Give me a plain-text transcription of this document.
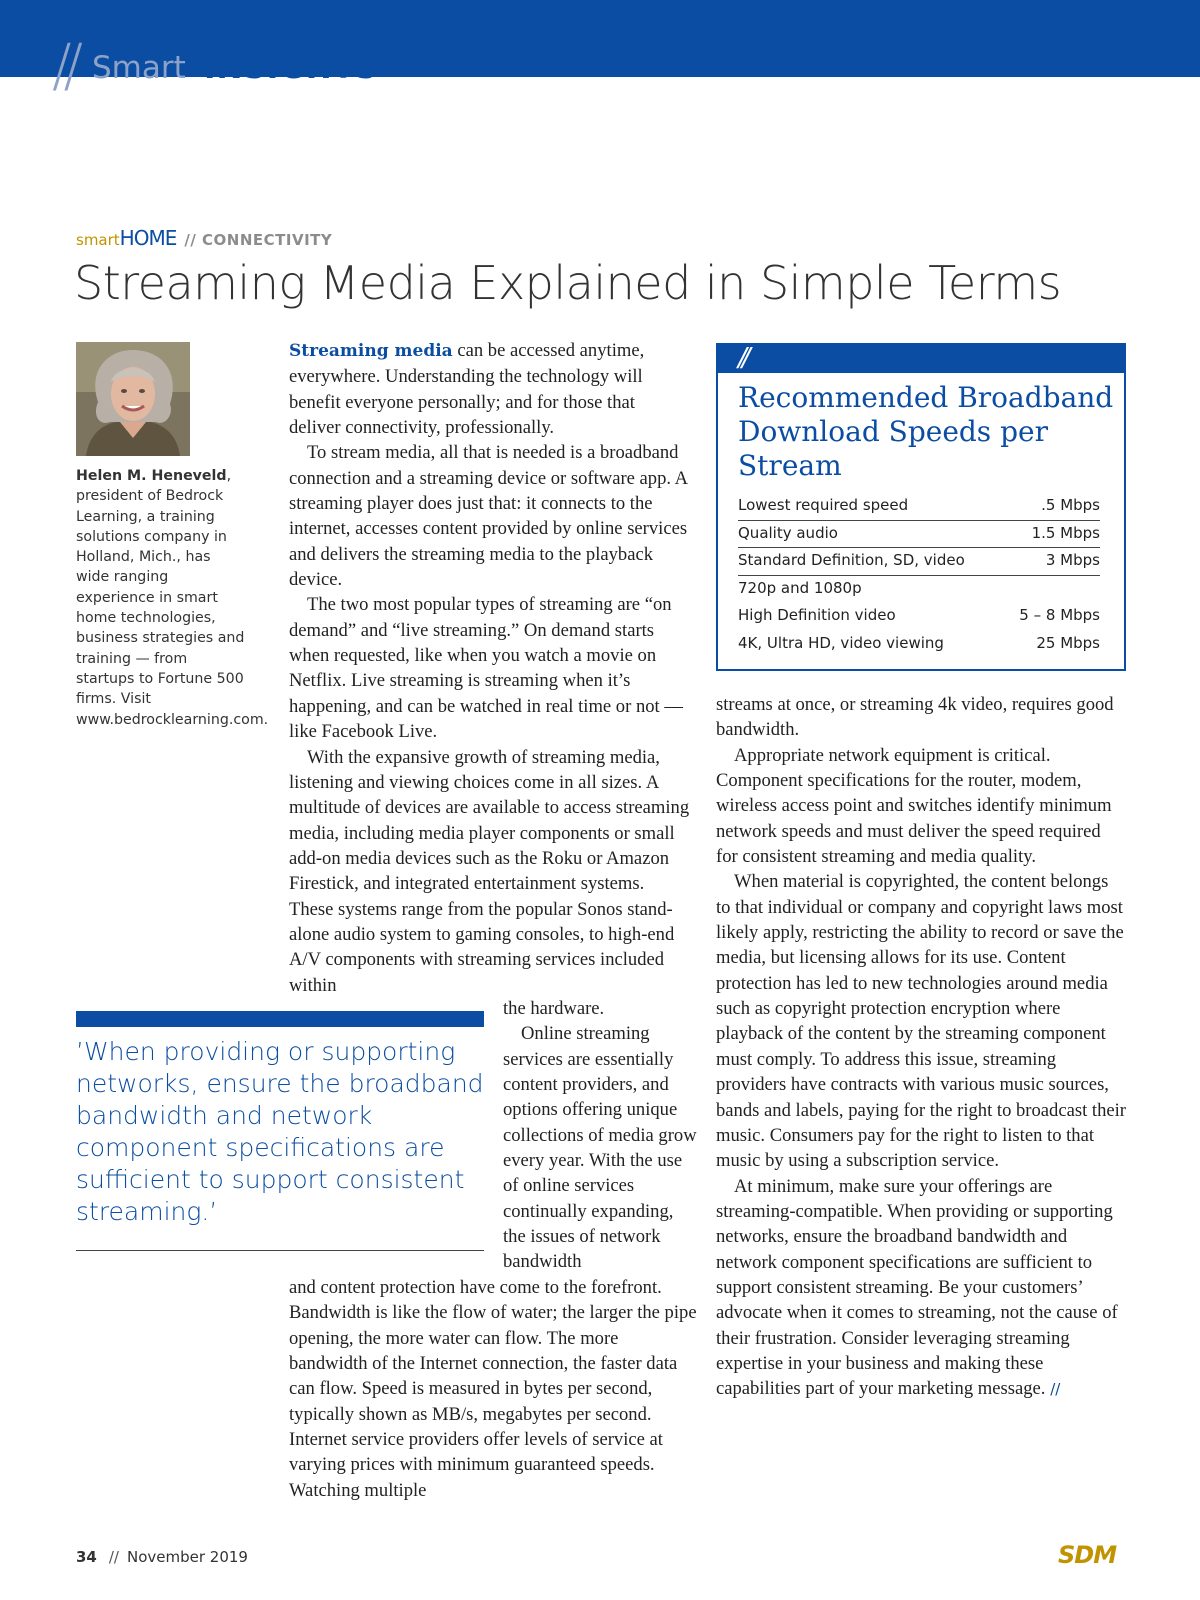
// Smart INSIGHTS
smartHOME // CONNECTIVITY
Streaming Media Explained in Simple Terms
Helen M. Heneveld, president of Bedrock Learning, a training solutions company in Holland, Mich., has wide ranging experience in smart home technologies, business strategies and training — from startups to Fortune 500 firms. Visit www.bedrocklearning.com.

Streaming media can be accessed anytime, everywhere. Understanding the technology will benefit everyone personally; and for those that deliver connectivity, professionally.

To stream media, all that is needed is a broadband connection and a streaming device or software app. A streaming player does just that: it connects to the internet, accesses content provided by online services and delivers the streaming media to the playback device.

The two most popular types of streaming are “on demand” and “live streaming.” On demand starts when requested, like when you watch a movie on Netflix. Live streaming is streaming when it’s happening, and can be watched in real time or not — like Facebook Live.

With the expansive growth of streaming media, listening and viewing choices come in all sizes. A multitude of devices are available to access streaming media, including media player components or small add-on media devices such as the Roku or Amazon Firestick, and integrated entertainment systems. These systems range from the popular Sonos stand-alone audio system to gaming consoles, to high-end A/V components with streaming services included within

the hardware.

Online streaming services are essentially content providers, and options offering unique collections of media grow every year. With the use of online services continually expanding, the issues of network bandwidth

and content protection have come to the forefront. Bandwidth is like the flow of water; the larger the pipe opening, the more water can flow. The more bandwidth of the Internet connection, the faster data can flow. Speed is measured in bytes per second, typically shown as MB/s, megabytes per second. Internet service providers offer levels of service at varying prices with minimum guaranteed speeds. Watching multiple

’When providing or supporting networks, ensure the broadband bandwidth and network component specifications are sufficient to support consistent streaming.’
//
Recommended Broadband Download Speeds per Stream
Lowest required speed	.5 Mbps
Quality audio	1.5 Mbps
Standard Definition, SD, video	3 Mbps
720p and 1080p
High Definition video	5 – 8 Mbps
4K, Ultra HD, video viewing	25 Mbps

streams at once, or streaming 4k video, requires good bandwidth.

Appropriate network equipment is critical. Component specifications for the router, modem, wireless access point and switches identify minimum network speeds and must deliver the speed required for consistent streaming and media quality.

When material is copyrighted, the content belongs to that individual or company and copyright laws most likely apply, restricting the ability to record or save the media, but licensing allows for its use. Content protection has led to new technologies around media such as copyright protection encryption where playback of the content by the streaming component must comply. To address this issue, streaming providers have contracts with various music sources, bands and labels, paying for the right to broadcast their music. Consumers pay for the right to listen to that music by using a subscription service.

At minimum, make sure your offerings are streaming-compatible. When providing or supporting networks, ensure the broadband bandwidth and network component specifications are sufficient to support consistent streaming. Be your customers’ advocate when it comes to streaming, not the cause of their frustration. Consider leveraging streaming expertise in your business and making these capabilities part of your marketing message. //

34 // November 2019	SDM
